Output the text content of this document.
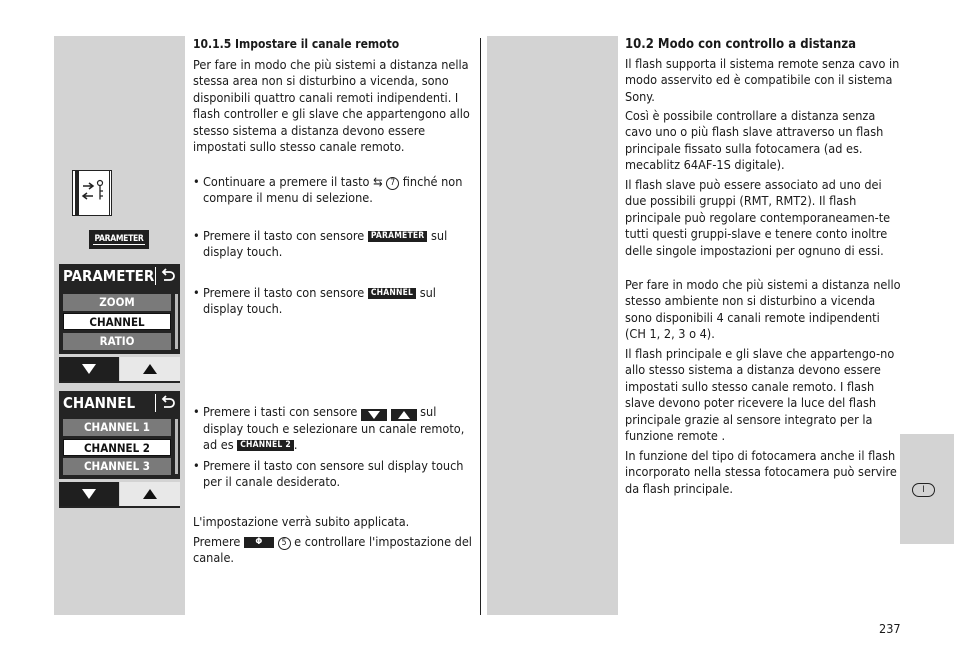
PARAMETER
PARAMETER
ZOOM
CHANNEL
RATIO
CHANNEL
CHANNEL 1
CHANNEL 2
CHANNEL 3
10.1.5 Impostare il canale remoto
Per fare in modo che più sistemi a distanza nella stessa area non si disturbino a vicenda, sono disponibili quattro canali remoti indipendenti. I flash controller e gli slave che appartengono allo stesso sistema a distanza devono essere impostati sullo stesso canale remoto.
• Continuare a premere il tasto ⇆ 7 finché non compare il menu di selezione.
• Premere il tasto con sensore PARAMETER sul display touch.
• Premere il tasto con sensore CHANNEL sul display touch.
• Premere i tasti con sensore	sul display touch e selezionare un canale remoto, ad es CHANNEL 2 .
• Premere il tasto con sensore sul display touch per il canale desiderato.
L'impostazione verrà subito applicata.
Premere Φ 5 e controllare l'impostazione del canale.
10.2 Modo con controllo a distanza
Il flash supporta il sistema remote senza cavo in modo asservito ed è compatibile con il sistema Sony.
Così è possibile controllare a distanza senza cavo uno o più flash slave attraverso un flash principale fissato sulla fotocamera (ad es. mecablitz 64AF-1S digitale).
Il flash slave può essere associato ad uno dei due possibili gruppi (RMT, RMT2). Il flash principale può regolare contemporaneamen-te tutti questi gruppi-slave e tenere conto inoltre delle singole impostazioni per ognuno di essi.
Per fare in modo che più sistemi a distanza nello stesso ambiente non si disturbino a vicenda sono disponibili 4 canali remote indipendenti (CH 1, 2, 3 o 4).
Il flash principale e gli slave che appartengo-no allo stesso sistema a distanza devono essere impostati sullo stesso canale remoto. I flash slave devono poter ricevere la luce del flash principale grazie al sensore integrato per la funzione remote .
In funzione del tipo di fotocamera anche il flash incorporato nella stessa fotocamera può servire da flash principale.	I
237
